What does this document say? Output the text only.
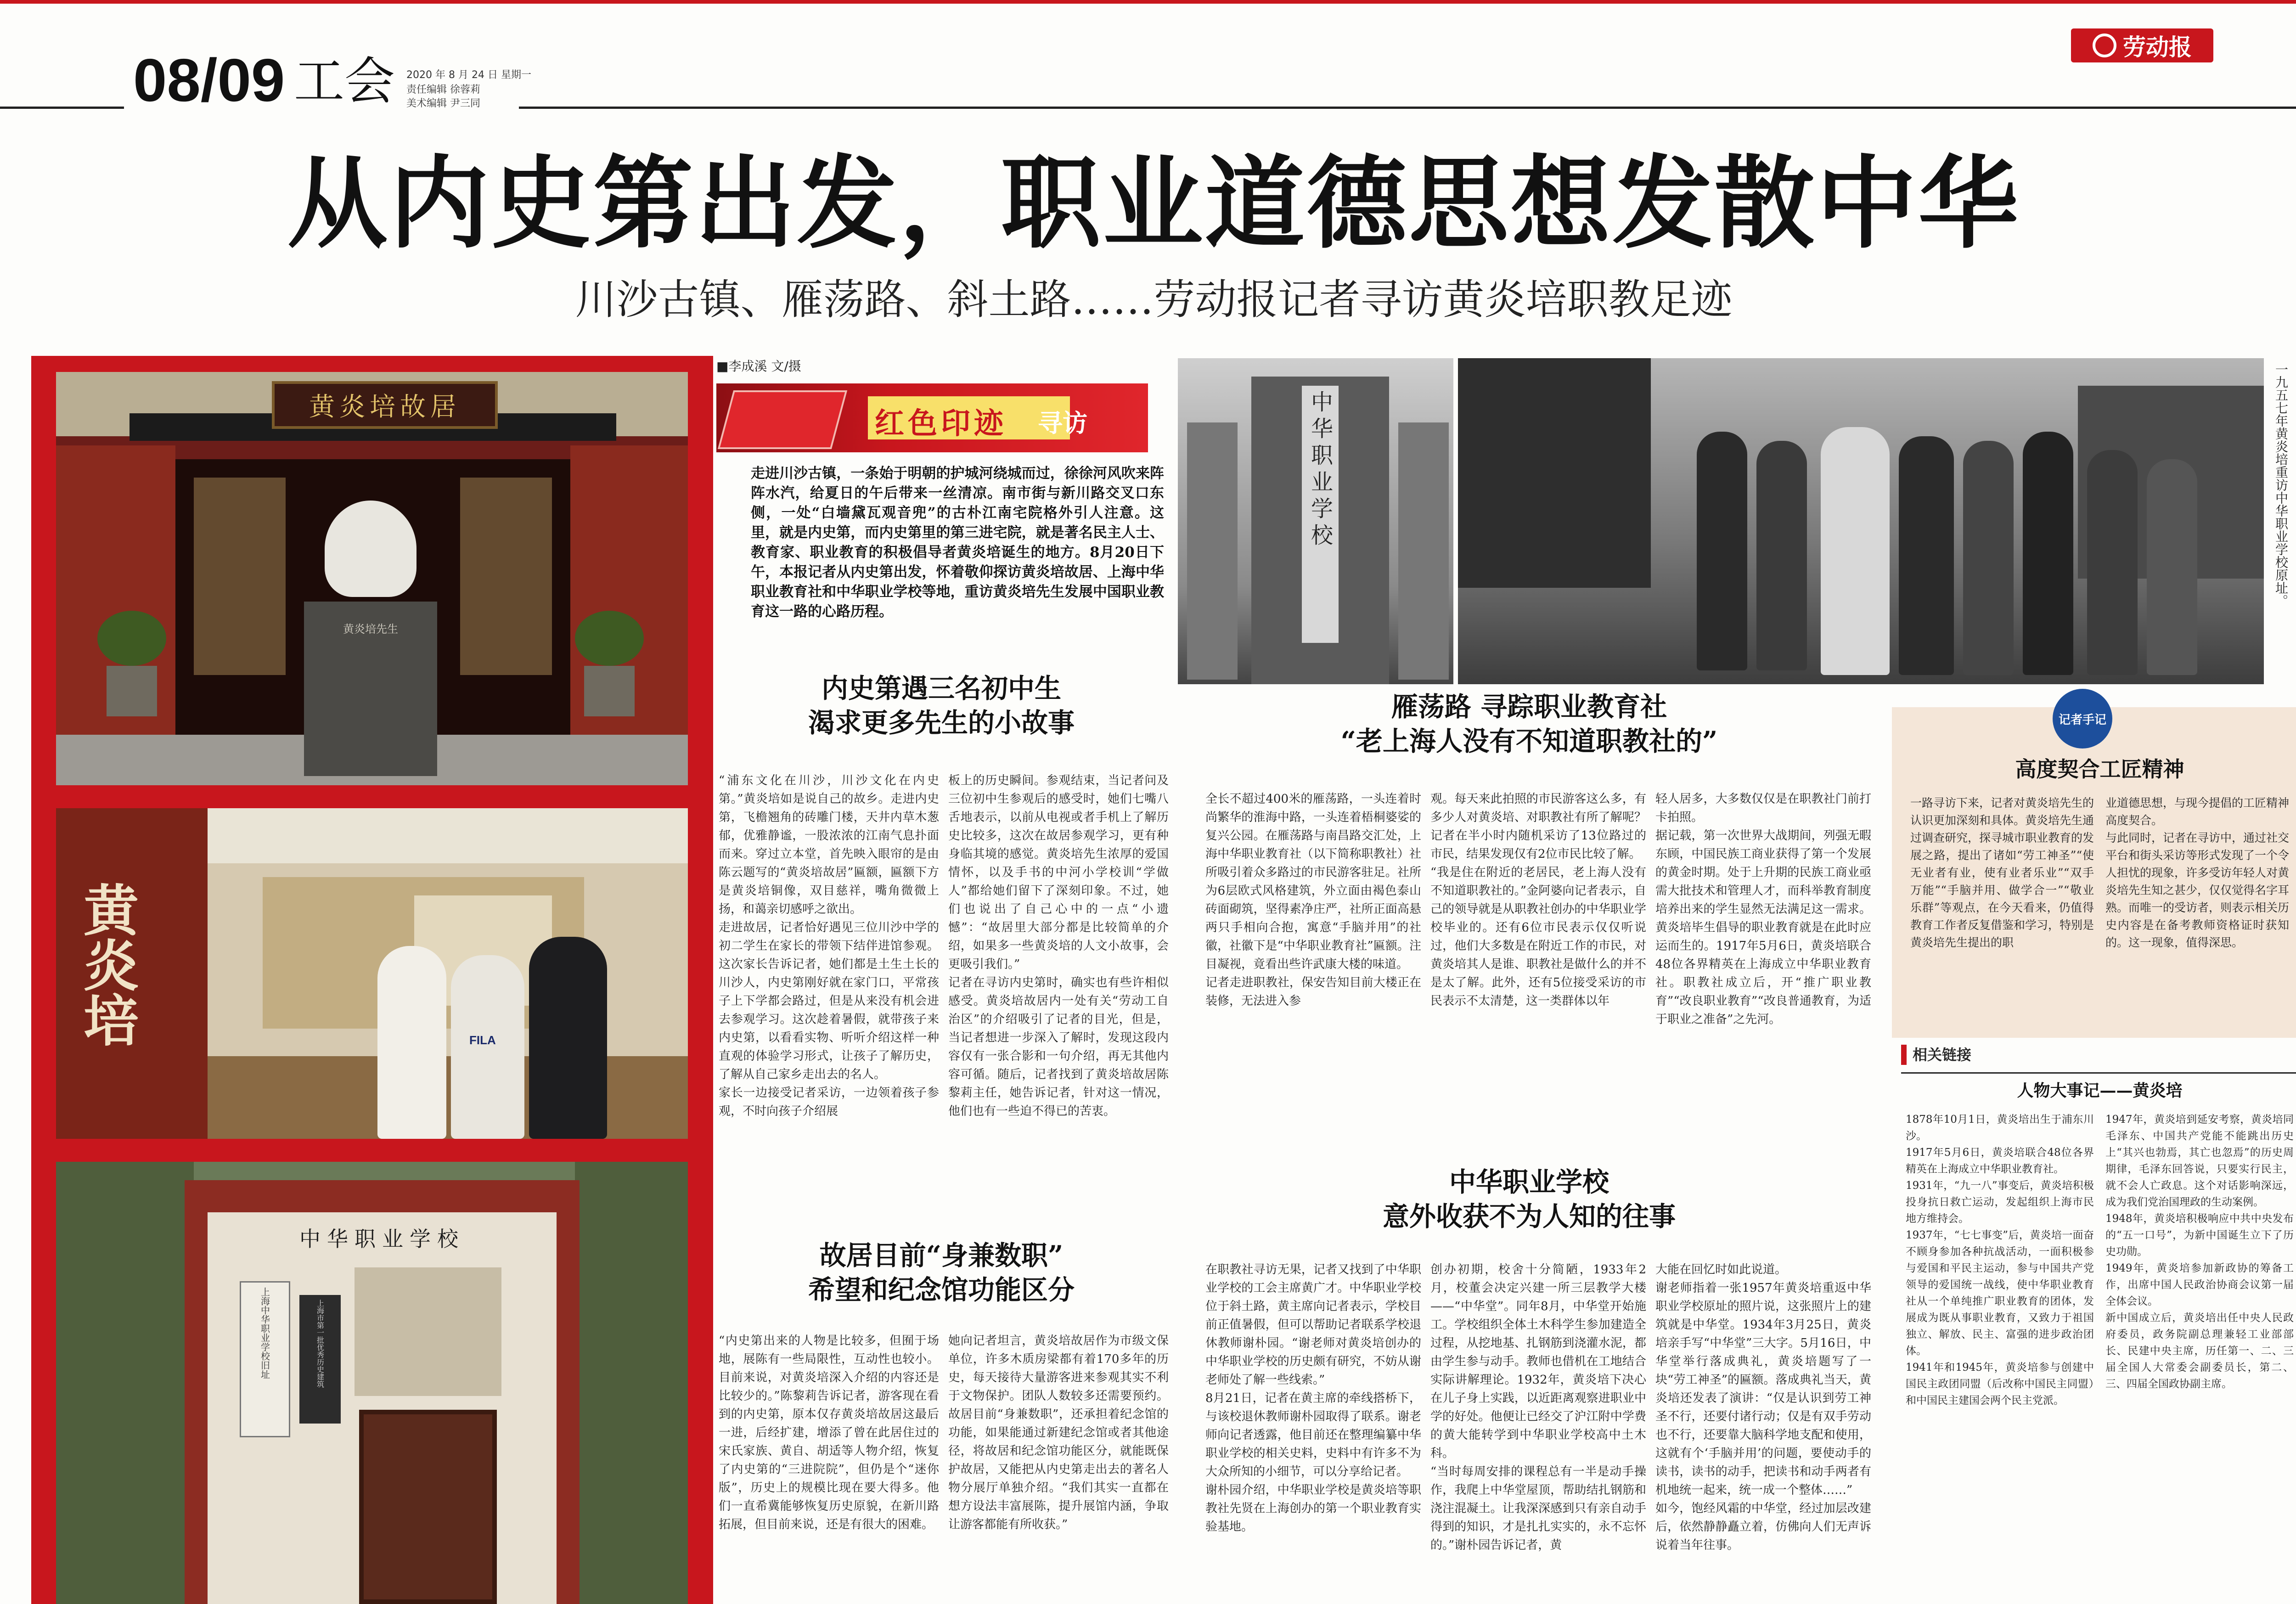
08/09 工会 2020 年 8 月 24 日 星期一
责任编辑 徐蓉莉
美术编辑 尹三同
劳动报
从内史第出发，职业道德思想发散中华
川沙古镇、雁荡路、斜土路……劳动报记者寻访黄炎培职教足迹
黄炎培故居
黄炎培先生
黄炎培	FILA
中华职业学校
上海中华职业学校旧址	上海市第一批优秀历史建筑
■李成溪 文/摄
红色印迹 寻访
走进川沙古镇，一条始于明朝的护城河绕城而过，徐徐河风吹来阵阵水汽，给夏日的午后带来一丝清凉。南市街与新川路交叉口东侧，一处“白墙黛瓦观音兜”的古朴江南宅院格外引人注意。这里，就是内史第，而内史第里的第三进宅院，就是著名民主人士、教育家、职业教育的积极倡导者黄炎培诞生的地方。8月20日下午，本报记者从内史第出发，怀着敬仰探访黄炎培故居、上海中华职业教育社和中华职业学校等地，重访黄炎培先生发展中国职业教育这一路的心路历程。
内史第遇三名初中生
渴求更多先生的小故事
“浦东文化在川沙，川沙文化在内史第。”黄炎培如是说自己的故乡。走进内史第，飞檐翘角的砖雕门楼，天井内草木葱郁，优雅静谧，一股浓浓的江南气息扑面而来。穿过立本堂，首先映入眼帘的是由陈云题写的“黄炎培故居”匾额，匾额下方是黄炎培铜像，双目慈祥，嘴角微微上扬，和蔼亲切感呼之欲出。
走进故居，记者恰好遇见三位川沙中学的初二学生在家长的带领下结伴进馆参观。这次家长告诉记者，她们都是土生土长的川沙人，内史第刚好就在家门口，平常孩子上下学都会路过，但是从来没有机会进去参观学习。这次趁着暑假，就带孩子来内史第，以看看实物、听听介绍这样一种直观的体验学习形式，让孩子了解历史，了解从自己家乡走出去的名人。
家长一边接受记者采访，一边领着孩子参观，不时向孩子介绍展
板上的历史瞬间。参观结束，当记者问及三位初中生参观后的感受时，她们七嘴八舌地表示，以前从电视或者手机上了解历史比较多，这次在故居参观学习，更有种身临其境的感觉。黄炎培先生浓厚的爱国情怀，以及手书的中河小学校训“学做人”都给她们留下了深刻印象。不过，她们也说出了自己心中的一点“小遗憾”：“故居里大部分都是比较简单的介绍，如果多一些黄炎培的人文小故事，会更吸引我们。”
记者在寻访内史第时，确实也有些许相似感受。黄炎培故居内一处有关“劳动工自治区”的介绍吸引了记者的目光，但是，当记者想进一步深入了解时，发现这段内容仅有一张合影和一句介绍，再无其他内容可循。随后，记者找到了黄炎培故居陈黎莉主任，她告诉记者，针对这一情况，他们也有一些迫不得已的苦衷。
故居目前“身兼数职”
希望和纪念馆功能区分
“内史第出来的人物是比较多，但囿于场地，展陈有一些局限性，互动性也较小。目前来说，对黄炎培深入介绍的内容还是比较少的。”陈黎莉告诉记者，游客现在看到的内史第，原本仅存黄炎培故居这最后一进，后经扩建，增添了曾在此居住过的宋氏家族、黄自、胡适等人物介绍，恢复了内史第的“三进院院”，但仍是个“迷你版”，历史上的规模比现在要大得多。他们一直希冀能够恢复历史原貌，在新川路拓展，但目前来说，还是有很大的困难。
她向记者坦言，黄炎培故居作为市级文保单位，许多木质房梁都有着170多年的历史，每天接待大量游客进来参观其实不利于文物保护。团队人数较多还需要预约。故居目前“身兼数职”，还承担着纪念馆的功能，如果能通过新建纪念馆或者其他途径，将故居和纪念馆功能区分，就能既保护故居，又能把从内史第走出去的著名人物分展厅单独介绍。“我们其实一直都在想方设法丰富展陈，提升展馆内涵，争取让游客都能有所收获。”
中华职业学校	一九五七年黄炎培重访中华职业学校原址。
雁荡路 寻踪职业教育社
“老上海人没有不知道职教社的”
全长不超过400米的雁荡路，一头连着时尚繁华的淮海中路，一头连着梧桐婆娑的复兴公园。在雁荡路与南昌路交汇处，上海中华职业教育社（以下简称职教社）社所吸引着众多路过的市民游客驻足。社所为6层欧式风格建筑，外立面由褐色泰山砖面砌筑，坚得素净庄严，社所正面高悬两只手相向合抱，寓意“手脑并用”的社徽，社徽下是“中华职业教育社”匾额。注目凝视，竟看出些许武康大楼的味道。
记者走进职教社，保安告知目前大楼正在装修，无法进入参
观。每天来此拍照的市民游客这么多，有多少人对黄炎培、对职教社有所了解呢？记者在半小时内随机采访了13位路过的市民，结果发现仅有2位市民比较了解。
“我是住在附近的老居民，老上海人没有不知道职教社的。”金阿婆向记者表示，自己的领导就是从职教社创办的中华职业学校毕业的。还有6位市民表示仅仅听说过，他们大多数是在附近工作的市民，对黄炎培其人是谁、职教社是做什么的并不是太了解。此外，还有5位接受采访的市民表示不太清楚，这一类群体以年
轻人居多，大多数仅仅是在职教社门前打卡拍照。
据记载，第一次世界大战期间，列强无暇东顾，中国民族工商业获得了第一个发展的黄金时期。处于上升期的民族工商业亟需大批技术和管理人才，而科举教育制度培养出来的学生显然无法满足这一需求。黄炎培毕生倡导的职业教育就是在此时应运而生的。1917年5月6日，黄炎培联合48位各界精英在上海成立中华职业教育社。职教社成立后，开“推广职业教育”“改良职业教育”“改良普通教育，为适于职业之准备”之先河。
中华职业学校
意外收获不为人知的往事
在职教社寻访无果，记者又找到了中华职业学校的工会主席黄广才。中华职业学校位于斜土路，黄主席向记者表示，学校目前正值暑假，但可以帮助记者联系学校退休教师谢朴园。“谢老师对黄炎培创办的中华职业学校的历史颇有研究，不妨从谢老师处了解一些线索。”
8月21日，记者在黄主席的牵线搭桥下，与该校退休教师谢朴园取得了联系。谢老师向记者透露，他目前还在整理编纂中华职业学校的相关史料，史料中有许多不为大众所知的小细节，可以分享给记者。
谢朴园介绍，中华职业学校是黄炎培等职教社先贤在上海创办的第一个职业教育实验基地。
创办初期，校舍十分简陋，1933年2月，校董会决定兴建一所三层教学大楼——“中华堂”。同年8月，中华堂开始施工。学校组织全体土木科学生参加建造全过程，从挖地基、扎钢筋到浇灌水泥，都由学生参与动手。教师也借机在工地结合实际讲解理论。1932年，黄炎培下决心在儿子身上实践，以近距离观察进职业中学的好处。他便让已经交了沪江附中学费的黄大能转学到中华职业学校高中土木科。
“当时每周安排的课程总有一半是动手操作，我爬上中华堂屋顶，帮助结扎钢筋和浇注混凝土。让我深深感到只有亲自动手得到的知识，才是扎扎实实的，永不忘怀的。”谢朴园告诉记者，黄
大能在回忆时如此说道。
谢老师指着一张1957年黄炎培重返中华职业学校原址的照片说，这张照片上的建筑就是中华堂。1934年3月25日，黄炎培亲手写“中华堂”三大字。5月16日，中华堂举行落成典礼，黄炎培题写了一块“劳工神圣”的匾额。落成典礼当天，黄炎培还发表了演讲：“仅是认识到劳工神圣不行，还要付诸行动；仅是有双手劳动也不行，还要靠大脑科学地支配和使用，这就有个‘手脑并用’的问题，要使动手的读书，读书的动手，把读书和动手两者有机地统一起来，统一成一个整体……”
如今，饱经风霜的中华堂，经过加层改建后，依然静静矗立着，仿佛向人们无声诉说着当年往事。
记者手记
高度契合工匠精神
一路寻访下来，记者对黄炎培先生的认识更加深刻和具体。黄炎培先生通过调查研究，探寻城市职业教育的发展之路，提出了诸如“劳工神圣”“使无业者有业，使有业者乐业”“双手万能”“手脑并用、做学合一”“敬业乐群”等观点，在今天看来，仍值得教育工作者反复借鉴和学习，特别是黄炎培先生提出的职
业道德思想，与现今提倡的工匠精神高度契合。
与此同时，记者在寻访中，通过社交平台和街头采访等形式发现了一个令人担忧的现象，许多受访年轻人对黄炎培先生知之甚少，仅仅觉得名字耳熟。而唯一的受访者，则表示相关历史内容是在备考教师资格证时获知的。这一现象，值得深思。
相关链接
人物大事记——黄炎培
1878年10月1日，黄炎培出生于浦东川沙。
1917年5月6日，黄炎培联合48位各界精英在上海成立中华职业教育社。
1931年，“九一八”事变后，黄炎培积极投身抗日救亡运动，发起组织上海市民地方维持会。
1937年，“七七事变”后，黄炎培一面奋不顾身参加各种抗战活动，一面积极参与爱国和平民主运动，参与中国共产党领导的爱国统一战线，使中华职业教育社从一个单纯推广职业教育的团体，发展成为既从事职业教育，又致力于祖国独立、解放、民主、富强的进步政治团体。
1941年和1945年，黄炎培参与创建中国民主政团同盟（后改称中国民主同盟）和中国民主建国会两个民主党派。
1947年，黄炎培到延安考察，黄炎培同毛泽东、中国共产党能不能跳出历史上“其兴也勃焉，其亡也忽焉”的历史周期律，毛泽东回答说，只要实行民主，就不会人亡政息。这个对话影响深远，成为我们党治国理政的生动案例。
1948年，黄炎培积极响应中共中央发布的“五一口号”，为新中国诞生立下了历史功勋。
1949年，黄炎培参加新政协的筹备工作，出席中国人民政治协商会议第一届全体会议。
新中国成立后，黄炎培出任中央人民政府委员，政务院副总理兼轻工业部部长、民建中央主席，历任第一、二、三届全国人大常委会副委员长，第二、三、四届全国政协副主席。
